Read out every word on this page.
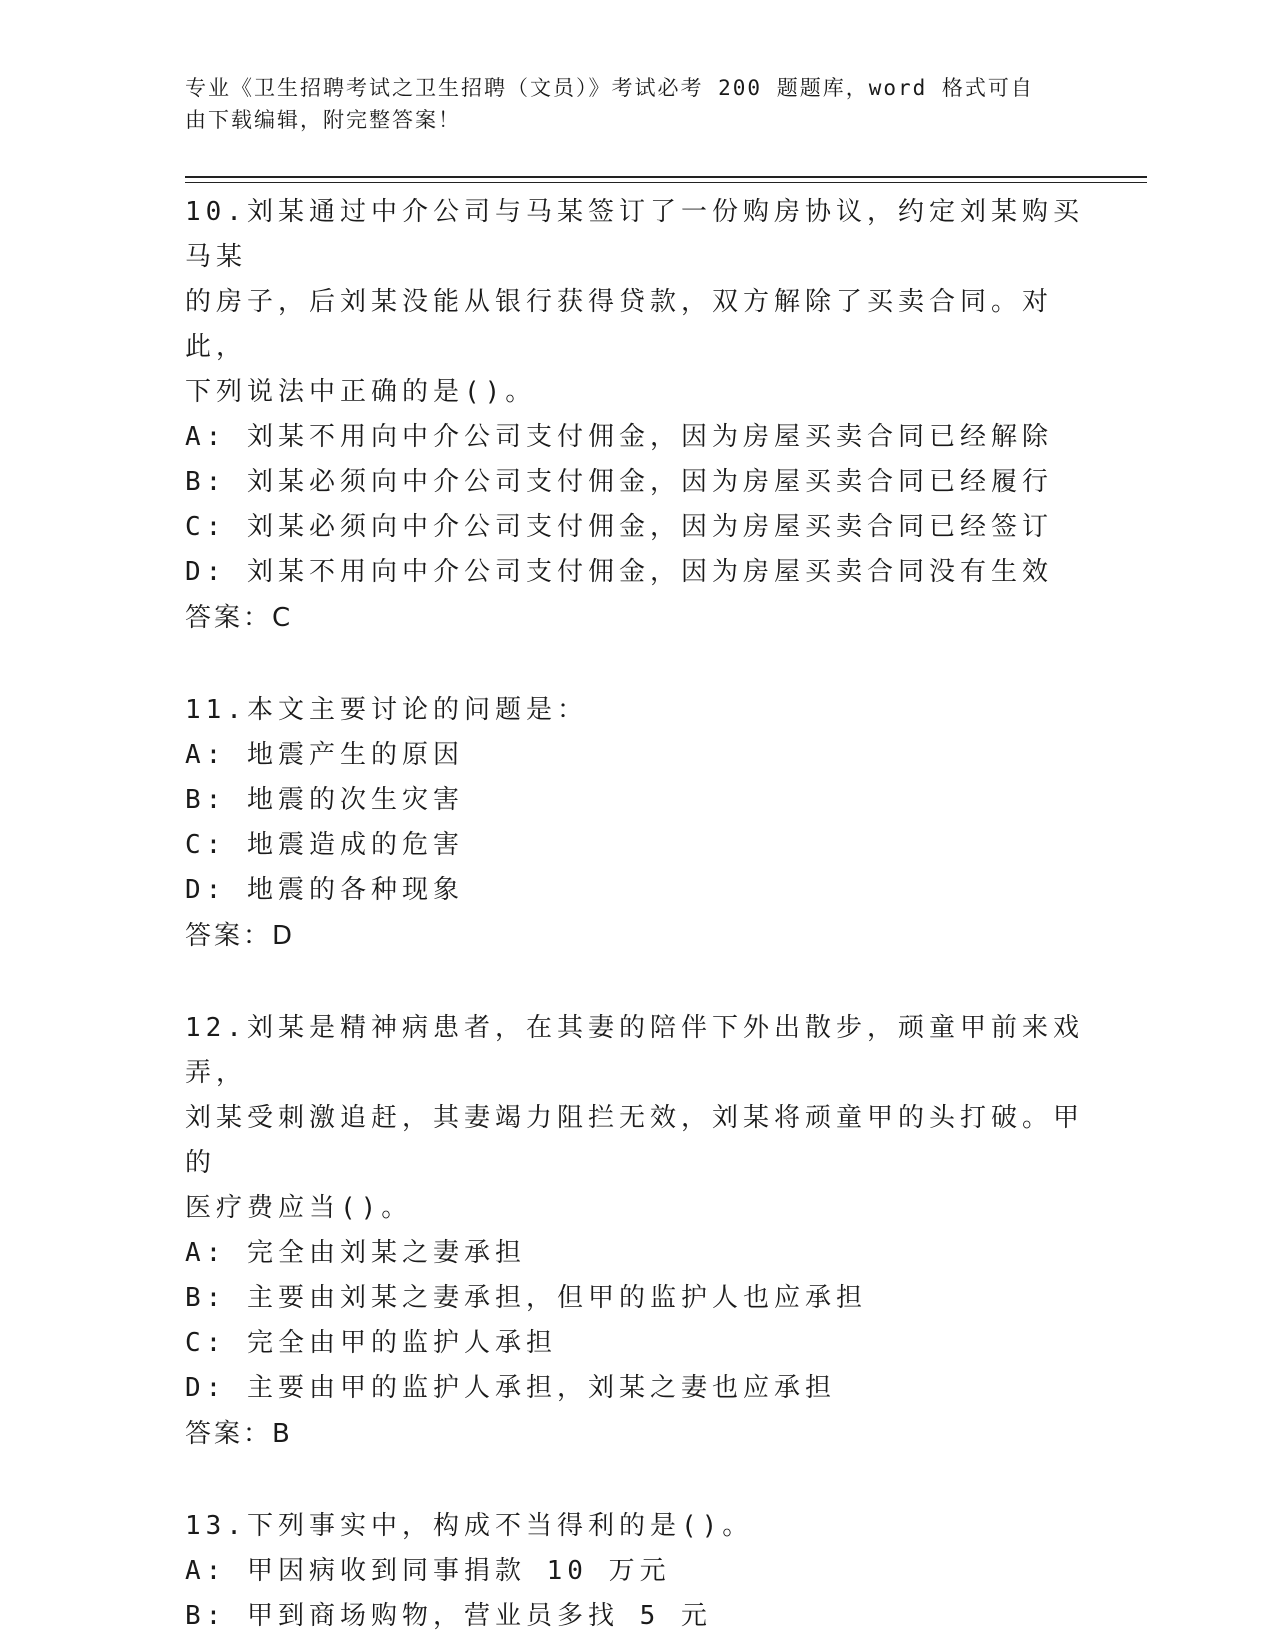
专业《卫生招聘考试之卫生招聘（文员）》考试必考 200 题题库，word 格式可自
由下载编辑，附完整答案！
10.刘某通过中介公司与马某签订了一份购房协议，约定刘某购买马某
的房子，后刘某没能从银行获得贷款，双方解除了买卖合同。对此，
下列说法中正确的是()。
A: 刘某不用向中介公司支付佣金，因为房屋买卖合同已经解除
B: 刘某必须向中介公司支付佣金，因为房屋买卖合同已经履行
C: 刘某必须向中介公司支付佣金，因为房屋买卖合同已经签订
D: 刘某不用向中介公司支付佣金，因为房屋买卖合同没有生效
答案：C
11.本文主要讨论的问题是：
A: 地震产生的原因
B: 地震的次生灾害
C: 地震造成的危害
D: 地震的各种现象
答案：D
12.刘某是精神病患者，在其妻的陪伴下外出散步，顽童甲前来戏弄，
刘某受刺激追赶，其妻竭力阻拦无效，刘某将顽童甲的头打破。甲的
医疗费应当()。
A: 完全由刘某之妻承担
B: 主要由刘某之妻承担，但甲的监护人也应承担
C: 完全由甲的监护人承担
D: 主要由甲的监护人承担，刘某之妻也应承担
答案：B
13.下列事实中，构成不当得利的是()。
A: 甲因病收到同事捐款 10 万元
B: 甲到商场购物，营业员多找 5 元
